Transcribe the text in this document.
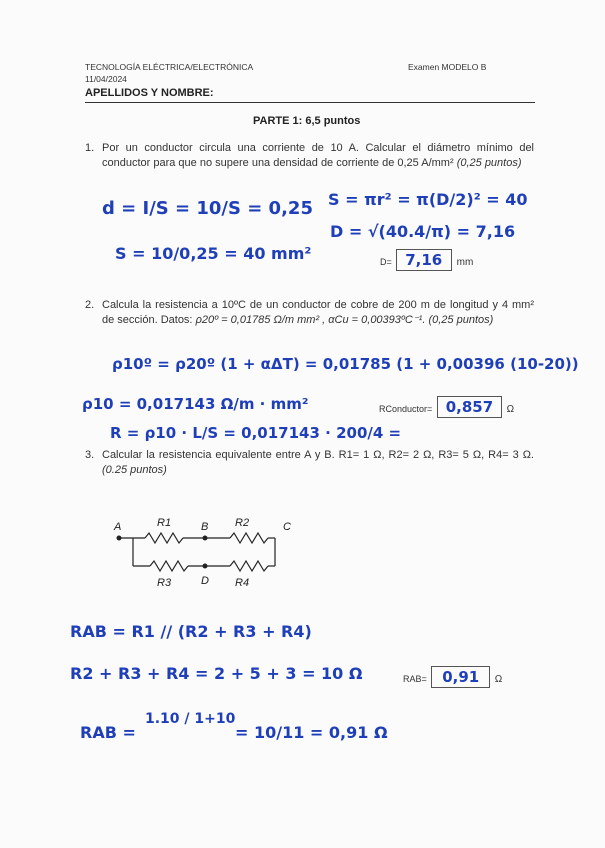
TECNOLOGÍA ELÉCTRICA/ELECTRÓNICA
11/04/2024
Examen MODELO B
APELLIDOS Y NOMBRE:
PARTE 1: 6,5 puntos
1. Por un conductor circula una corriente de 10 A. Calcular el diámetro mínimo del conductor para que no supere una densidad de corriente de 0,25 A/mm² (0,25 puntos)
d = I/S = 10/S = 0,25
S = 10/0,25 = 40 mm²
S = πr² = π(D/2)² = 40
D = √(40.4/π) = 7,16
D= 7,16 mm
2. Calcula la resistencia a 10ºC de un conductor de cobre de 200 m de longitud y 4 mm² de sección. Datos: ρ20º = 0,01785 Ω/m mm² , αCu = 0,00393ºC⁻¹. (0,25 puntos)
ρ10º = ρ20º (1 + αΔT) = 0,01785 (1 + 0,00396 (10-20))
ρ10 = 0,017143 Ω/m · mm²
R = ρ10 · L/S = 0,017143 · 200/4 =
RConductor= 0,857 Ω
3. Calcular la resistencia equivalente entre A y B. R1= 1 Ω, R2= 2 Ω, R3= 5 Ω, R4= 3 Ω. (0.25 puntos)
A	B	C
D
R1	R2
R3	R4
RAB = R1 // (R2 + R3 + R4)
R2 + R3 + R4 = 2 + 5 + 3 = 10 Ω	RAB= 0,91 Ω
RAB =
1.10 / 1+10
= 10/11 = 0,91 Ω
